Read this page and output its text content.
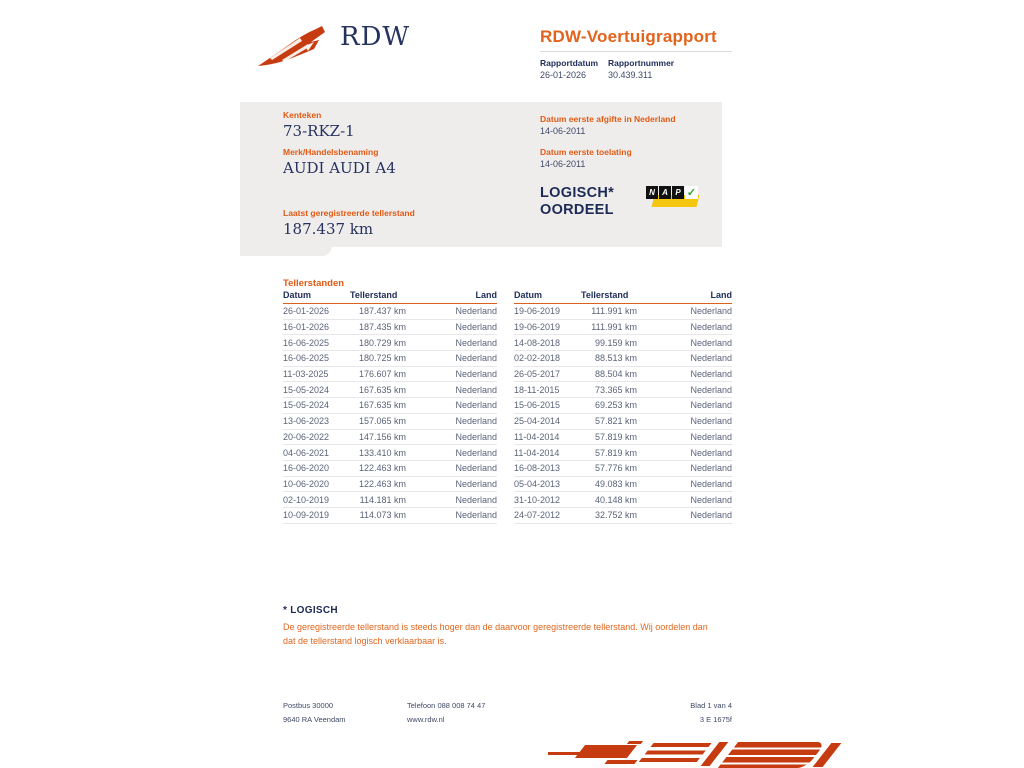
RDW	RDW-Voertuigrapport
Rapportdatum Rapportnummer
26-01-2026 30.439.311
Kenteken
73-RKZ-1
Merk/Handelsbenaming
AUDI AUDI A4
Laatst geregistreerde tellerstand
187.437 km
Datum eerste afgifte in Nederland
14-06-2011
Datum eerste toelating
14-06-2011
LOGISCH*
OORDEEL
N A P ✓
Tellerstanden
Datum	Tellerstand	Land
26-01-2026	187.437 km	Nederland
16-01-2026	187.435 km	Nederland
16-06-2025	180.729 km	Nederland
16-06-2025	180.725 km	Nederland
11-03-2025	176.607 km	Nederland
15-05-2024	167.635 km	Nederland
15-05-2024	167.635 km	Nederland
13-06-2023	157.065 km	Nederland
20-06-2022	147.156 km	Nederland
04-06-2021	133.410 km	Nederland
16-06-2020	122.463 km	Nederland
10-06-2020	122.463 km	Nederland
02-10-2019	114.181 km	Nederland
10-09-2019	114.073 km	Nederland
Datum	Tellerstand	Land
19-06-2019	111.991 km	Nederland
19-06-2019	111.991 km	Nederland
14-08-2018	99.159 km	Nederland
02-02-2018	88.513 km	Nederland
26-05-2017	88.504 km	Nederland
18-11-2015	73.365 km	Nederland
15-06-2015	69.253 km	Nederland
25-04-2014	57.821 km	Nederland
11-04-2014	57.819 km	Nederland
11-04-2014	57.819 km	Nederland
16-08-2013	57.776 km	Nederland
05-04-2013	49.083 km	Nederland
31-10-2012	40.148 km	Nederland
24-07-2012	32.752 km	Nederland
* LOGISCH
De geregistreerde tellerstand is steeds hoger dan de daarvoor geregistreerde tellerstand. Wij oordelen dan dat de tellerstand logisch verklaarbaar is.
Postbus 30000
9640 RA Veendam
Telefoon 088 008 74 47
www.rdw.nl
Blad 1 van 4
3 E 1675f
